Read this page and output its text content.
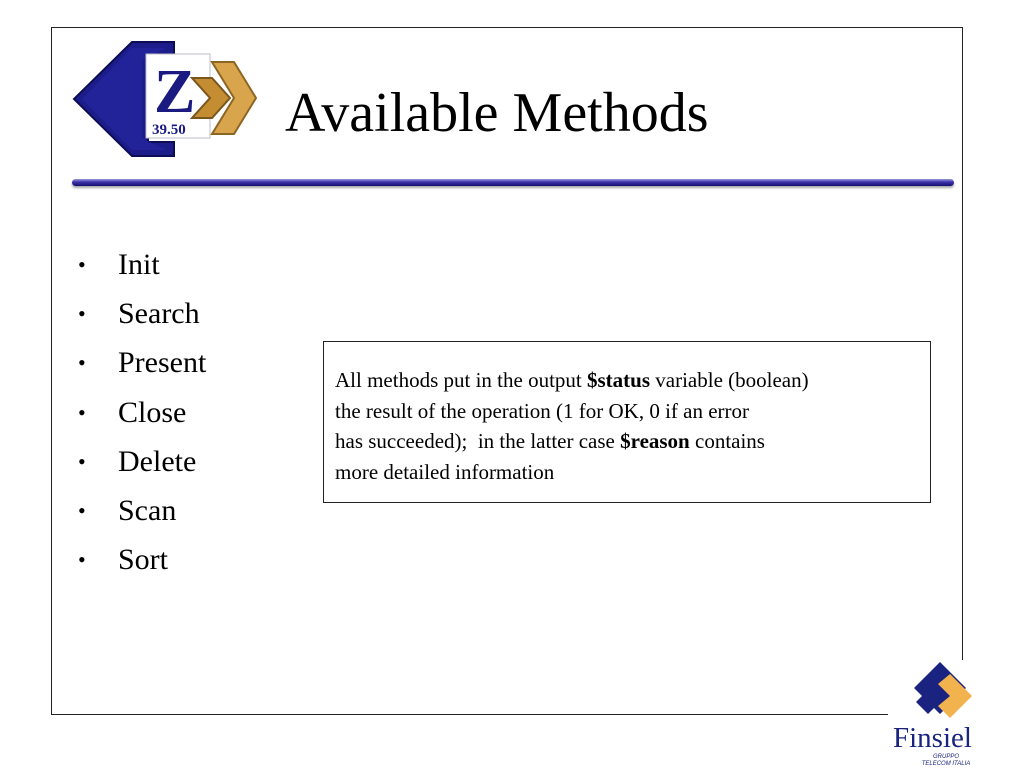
Z
39.50 Available Methods
• Init
• Search
• Present
• Close
• Delete
• Scan
• Sort
All methods put in the output $status variable (boolean)
the result of the operation (1 for OK, 0 if an error
has succeeded);  in the latter case $reason contains
more detailed information
Finsiel
GRUPPO
TELECOM ITALIA
